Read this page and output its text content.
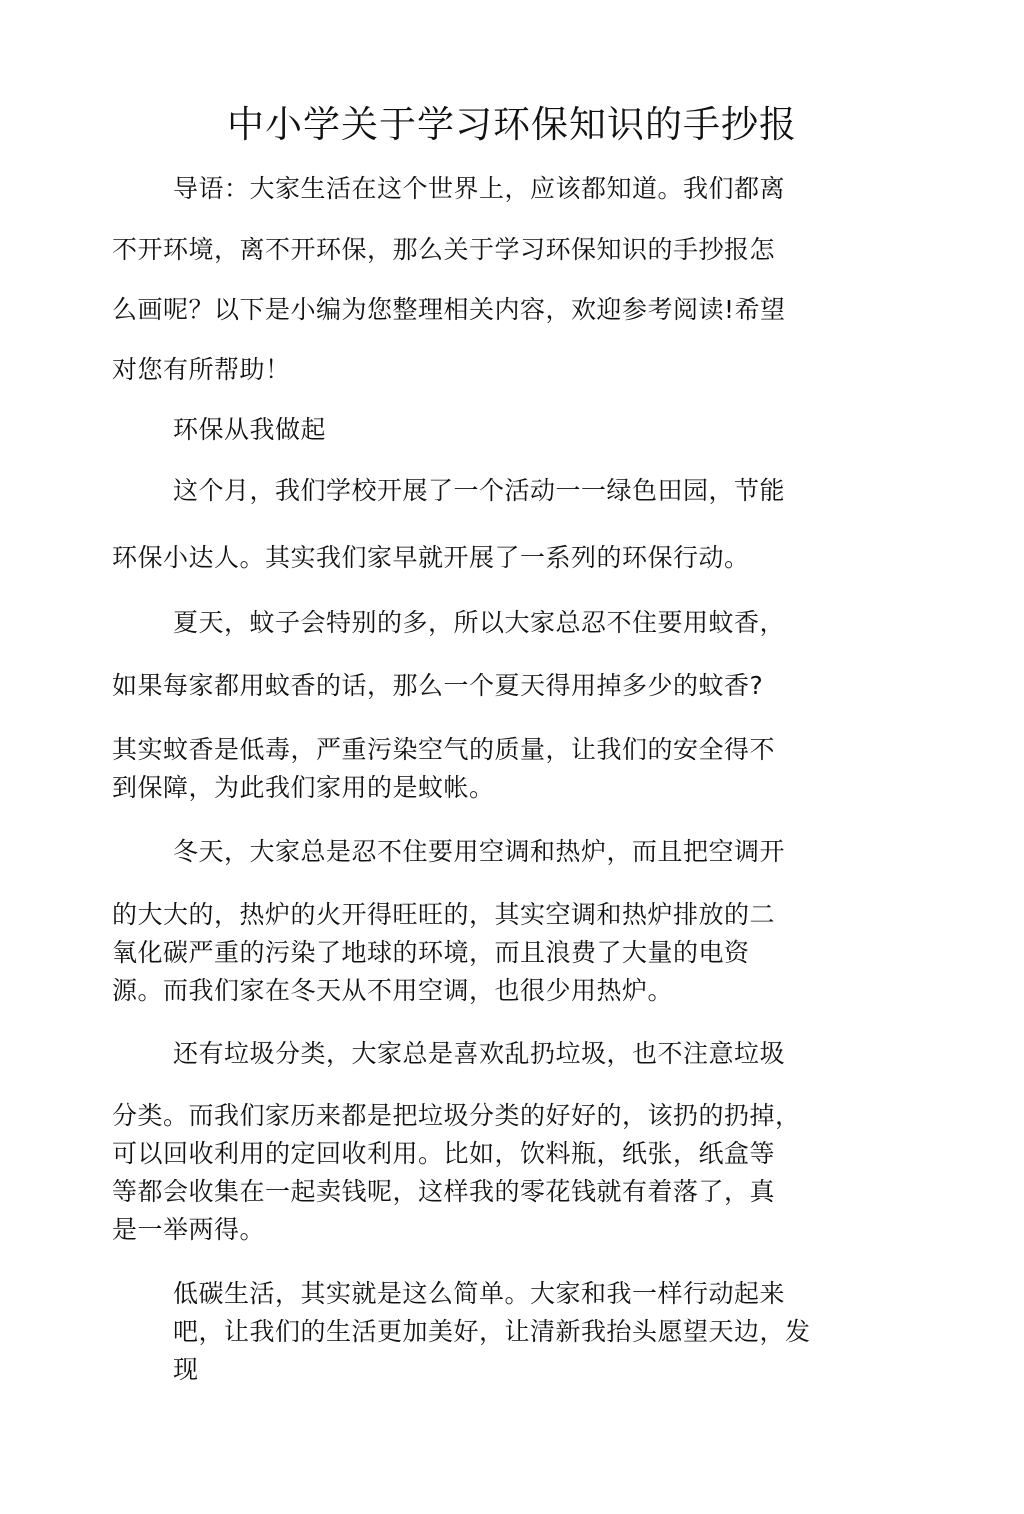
中小学关于学习环保知识的手抄报
导语：大家生活在这个世界上，应该都知道。我们都离
不开环境，离不开环保，那么关于学习环保知识的手抄报怎
么画呢？以下是小编为您整理相关内容，欢迎参考阅读!希望
对您有所帮助！
环保从我做起
这个月，我们学校开展了一个活动一一绿色田园，节能
环保小达人。其实我们家早就开展了一系列的环保行动。
夏天，蚊子会特别的多，所以大家总忍不住要用蚊香，
如果每家都用蚊香的话，那么一个夏天得用掉多少的蚊香?
其实蚊香是低毒，严重污染空气的质量，让我们的安全得不
到保障，为此我们家用的是蚊帐。
冬天，大家总是忍不住要用空调和热炉，而且把空调开
的大大的，热炉的火开得旺旺的，其实空调和热炉排放的二
氧化碳严重的污染了地球的环境，而且浪费了大量的电资
源。而我们家在冬天从不用空调，也很少用热炉。
还有垃圾分类，大家总是喜欢乱扔垃圾，也不注意垃圾
分类。而我们家历来都是把垃圾分类的好好的，该扔的扔掉，
可以回收利用的定回收利用。比如，饮料瓶，纸张，纸盒等
等都会收集在一起卖钱呢，这样我的零花钱就有着落了，真
是一举两得。
低碳生活，其实就是这么简单。大家和我一样行动起来
吧，让我们的生活更加美好，让清新我抬头愿望天边，发
现
